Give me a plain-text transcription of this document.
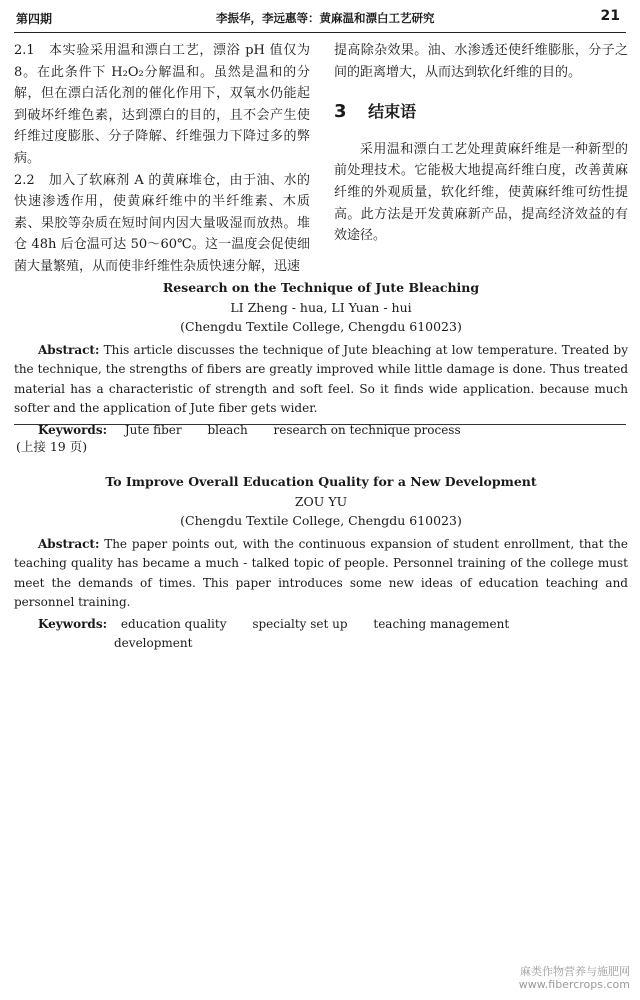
第四期	李振华，李远惠等：黄麻温和漂白工艺研究	21

2.1　本实验采用温和漂白工艺，漂浴 pH 值仅为 8。在此条件下 H₂O₂分解温和。虽然是温和的分解，但在漂白活化剂的催化作用下，双氧水仍能起到破坏纤维色素，达到漂白的目的，且不会产生使纤维过度膨胀、分子降解、纤维强力下降过多的弊病。

2.2　加入了软麻剂 A 的黄麻堆仓，由于油、水的快速渗透作用，使黄麻纤维中的半纤维素、木质素、果胶等杂质在短时间内因大量吸湿而放热。堆仓 48h 后仓温可达 50～60℃。这一温度会促使细菌大量繁殖，从而使非纤维性杂质快速分解，迅速

提高除杂效果。油、水渗透还使纤维膨胀，分子之间的距离增大，从而达到软化纤维的目的。

3 结束语

采用温和漂白工艺处理黄麻纤维是一种新型的前处理技术。它能极大地提高纤维白度，改善黄麻纤维的外观质量，软化纤维，使黄麻纤维可纺性提高。此方法是开发黄麻新产品，提高经济效益的有效途径。

Research on the Technique of Jute Bleaching
LI Zheng - hua, LI Yuan - hui
(Chengdu Textile College, Chengdu 610023)
Abstract: This article discusses the technique of Jute bleaching at low temperature. Treated by the technique, the strengths of fibers are greatly improved while little damage is done. Thus treated material has a characteristic of strength and soft feel. So it finds wide application. because much softer and the application of Jute fiber gets wider.
Keywords: Jute fiber bleach research on technique process
(上接 19 页)
To Improve Overall Education Quality for a New Development
ZOU YU
(Chengdu Textile College, Chengdu 610023)
Abstract: The paper points out, with the continuous expansion of student enrollment, that the teaching quality has became a much - talked topic of people. Personnel training of the college must meet the demands of times. This paper introduces some new ideas of education teaching and personnel training.
Keywords: education quality specialty set up teaching management
development
麻类作物营养与施肥网
www.fibercrops.com
